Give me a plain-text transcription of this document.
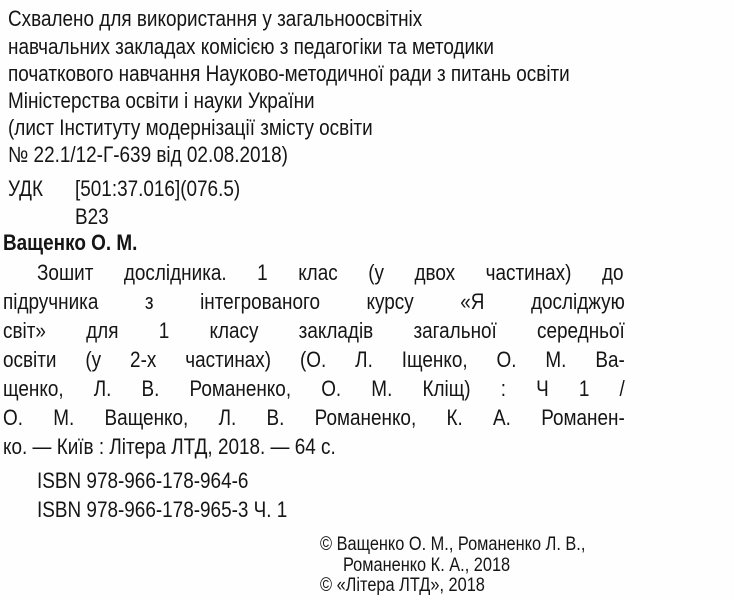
Схвалено для використання у загальноосвітніх
навчальних закладах комісією з педагогіки та методики
початкового навчання Науково-методичної ради з питань освіти
Міністерства освіти і науки України
(лист Інституту модернізації змісту освіти
№ 22.1/12-Г-639 від 02.08.2018)
УДК [501:37.016](076.5)
В23
Ващенко О. М.
Зошит дослідника. 1 клас (у двох частинах) до
підручника з інтегрованого курсу «Я досліджую
світ» для 1 класу закладів загальної середньої
освіти (у 2-х частинах) (О. Л. Іщенко, О. М. Ва-
щенко, Л. В. Романенко, О. М. Кліщ) : Ч 1 /
О. М. Ващенко, Л. В. Романенко, К. А. Романен-
ко. — Київ : Літера ЛТД, 2018. — 64 с.
ISBN 978-966-178-964-6
ISBN 978-966-178-965-3 Ч. 1
© Ващенко О. М., Романенко Л. В.,
Романенко К. А., 2018
© «Літера ЛТД», 2018
